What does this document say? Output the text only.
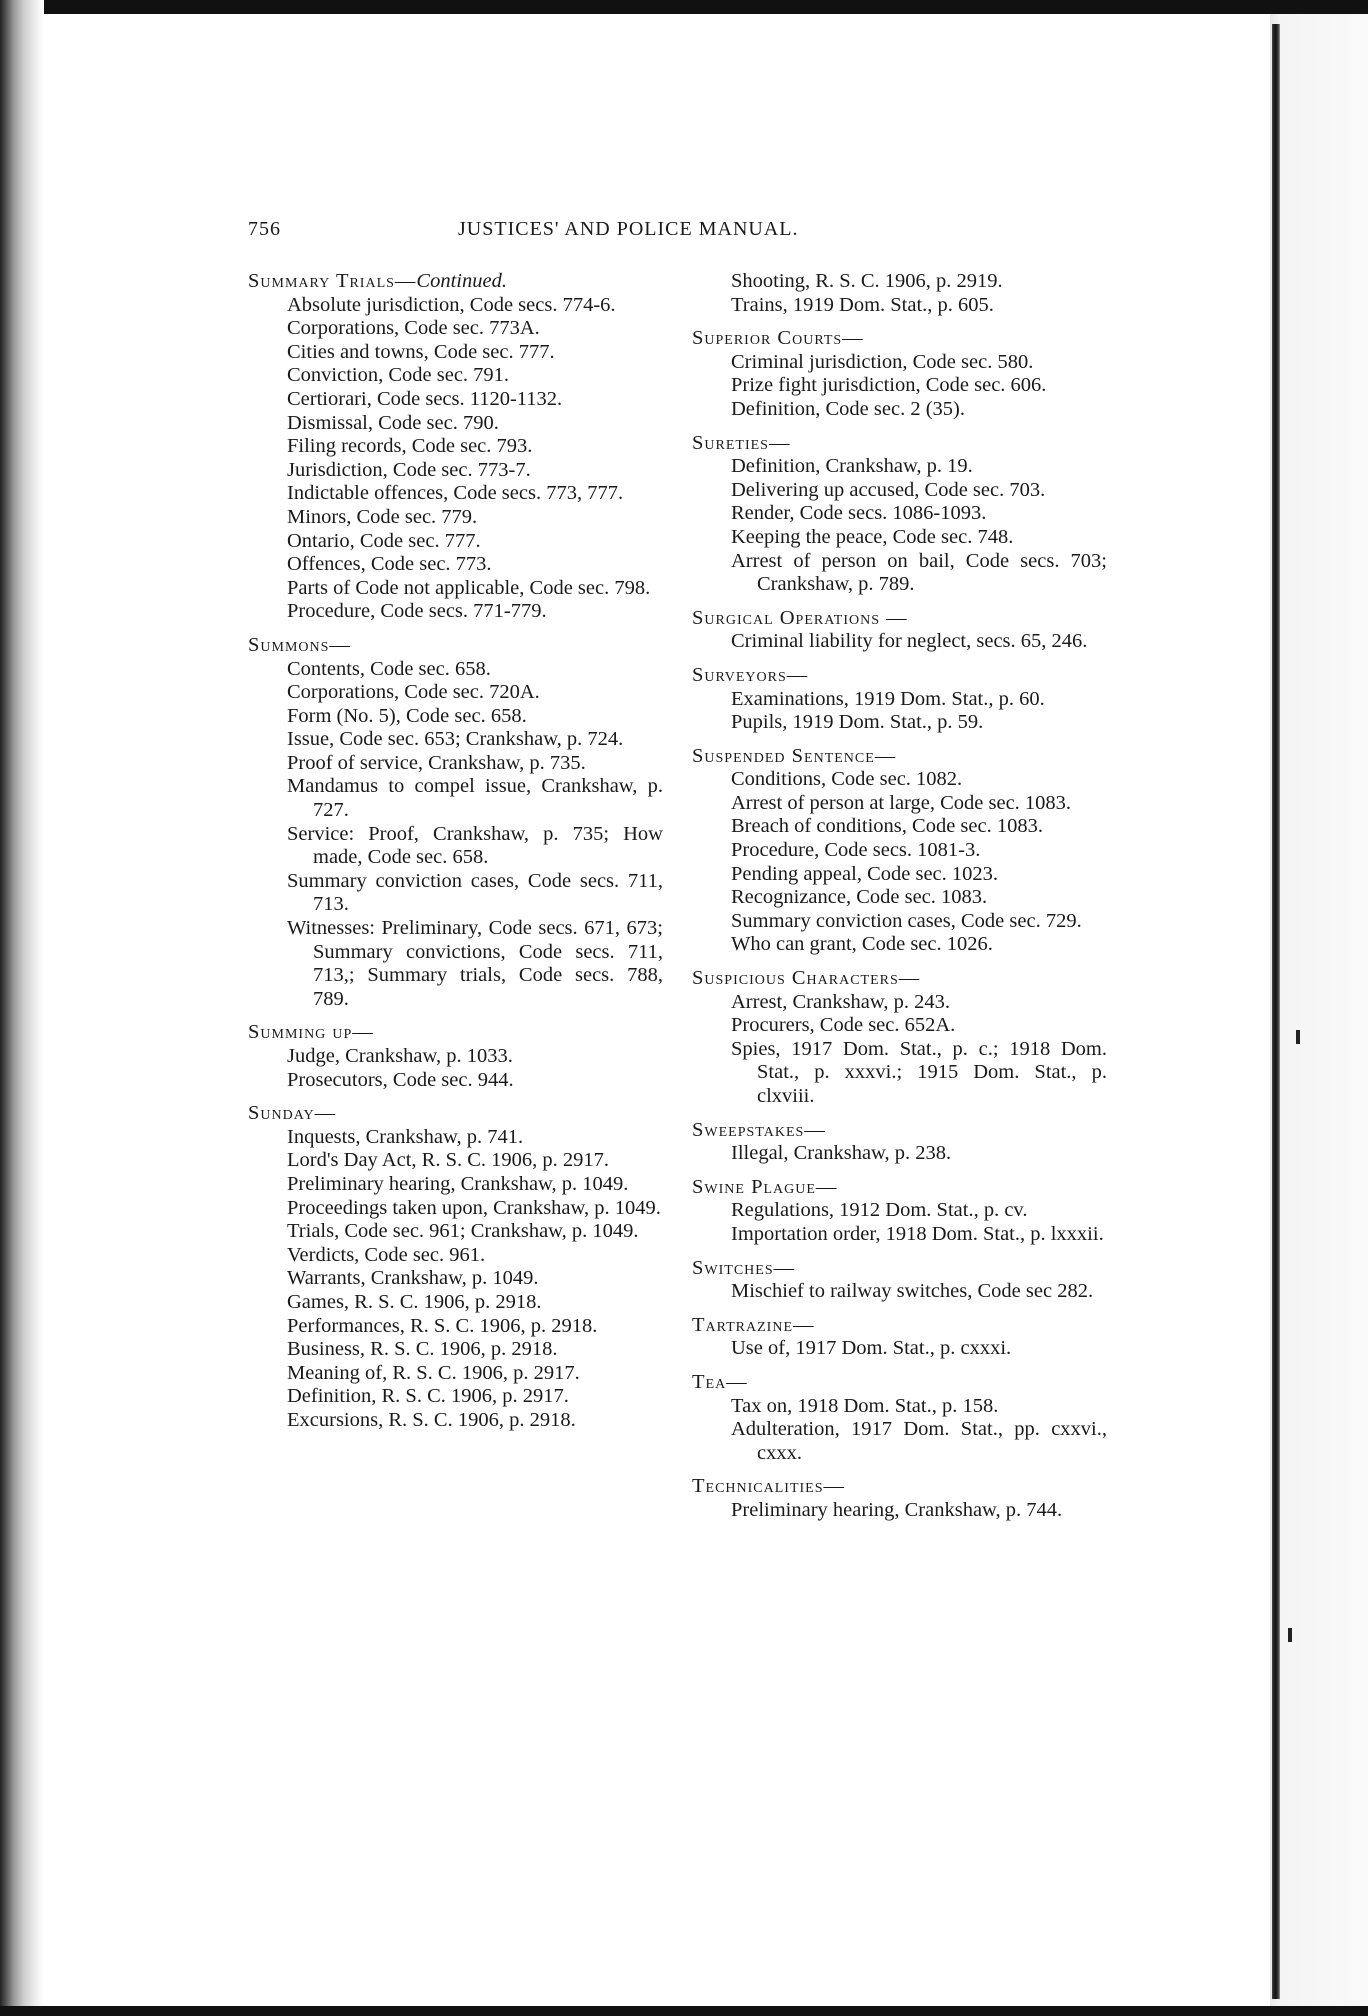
756	JUSTICES' AND POLICE MANUAL.

Summary Trials—Continued.

Absolute jurisdiction, Code secs. 774-6.

Corporations, Code sec. 773A.

Cities and towns, Code sec. 777.

Conviction, Code sec. 791.

Certiorari, Code secs. 1120-1132.

Dismissal, Code sec. 790.

Filing records, Code sec. 793.

Jurisdiction, Code sec. 773-7.

Indictable offences, Code secs. 773, 777.

Minors, Code sec. 779.

Ontario, Code sec. 777.

Offences, Code sec. 773.

Parts of Code not applicable, Code sec. 798.

Procedure, Code secs. 771-779.

Summons—

Contents, Code sec. 658.

Corporations, Code sec. 720A.

Form (No. 5), Code sec. 658.

Issue, Code sec. 653; Crankshaw, p. 724.

Proof of service, Crankshaw, p. 735.

Mandamus to compel issue, Crankshaw, p. 727.

Service: Proof, Crankshaw, p. 735; How made, Code sec. 658.

Summary conviction cases, Code secs. 711, 713.

Witnesses: Preliminary, Code secs. 671, 673; Summary convictions, Code secs. 711, 713,; Summary trials, Code secs. 788, 789.

Summing up—

Judge, Crankshaw, p. 1033.

Prosecutors, Code sec. 944.

Sunday—

Inquests, Crankshaw, p. 741.

Lord's Day Act, R. S. C. 1906, p. 2917.

Preliminary hearing, Crankshaw, p. 1049.

Proceedings taken upon, Crankshaw, p. 1049.

Trials, Code sec. 961; Crankshaw, p. 1049.

Verdicts, Code sec. 961.

Warrants, Crankshaw, p. 1049.

Games, R. S. C. 1906, p. 2918.

Performances, R. S. C. 1906, p. 2918.

Business, R. S. C. 1906, p. 2918.

Meaning of, R. S. C. 1906, p. 2917.

Definition, R. S. C. 1906, p. 2917.

Excursions, R. S. C. 1906, p. 2918.

Shooting, R. S. C. 1906, p. 2919.

Trains, 1919 Dom. Stat., p. 605.

Superior Courts—

Criminal jurisdiction, Code sec. 580.

Prize fight jurisdiction, Code sec. 606.

Definition, Code sec. 2 (35).

Sureties—

Definition, Crankshaw, p. 19.

Delivering up accused, Code sec. 703.

Render, Code secs. 1086-1093.

Keeping the peace, Code sec. 748.

Arrest of person on bail, Code secs. 703; Crankshaw, p. 789.

Surgical Operations —

Criminal liability for neglect, secs. 65, 246.

Surveyors—

Examinations, 1919 Dom. Stat., p. 60.

Pupils, 1919 Dom. Stat., p. 59.

Suspended Sentence—

Conditions, Code sec. 1082.

Arrest of person at large, Code sec. 1083.

Breach of conditions, Code sec. 1083.

Procedure, Code secs. 1081-3.

Pending appeal, Code sec. 1023.

Recognizance, Code sec. 1083.

Summary conviction cases, Code sec. 729.

Who can grant, Code sec. 1026.

Suspicious Characters—

Arrest, Crankshaw, p. 243.

Procurers, Code sec. 652A.

Spies, 1917 Dom. Stat., p. c.; 1918 Dom. Stat., p. xxxvi.; 1915 Dom. Stat., p. clxviii.

Sweepstakes—

Illegal, Crankshaw, p. 238.

Swine Plague—

Regulations, 1912 Dom. Stat., p. cv.

Importation order, 1918 Dom. Stat., p. lxxxii.

Switches—

Mischief to railway switches, Code sec 282.

Tartrazine—

Use of, 1917 Dom. Stat., p. cxxxi.

Tea—

Tax on, 1918 Dom. Stat., p. 158.

Adulteration, 1917 Dom. Stat., pp. cxxvi., cxxx.

Technicalities—

Preliminary hearing, Crankshaw, p. 744.
